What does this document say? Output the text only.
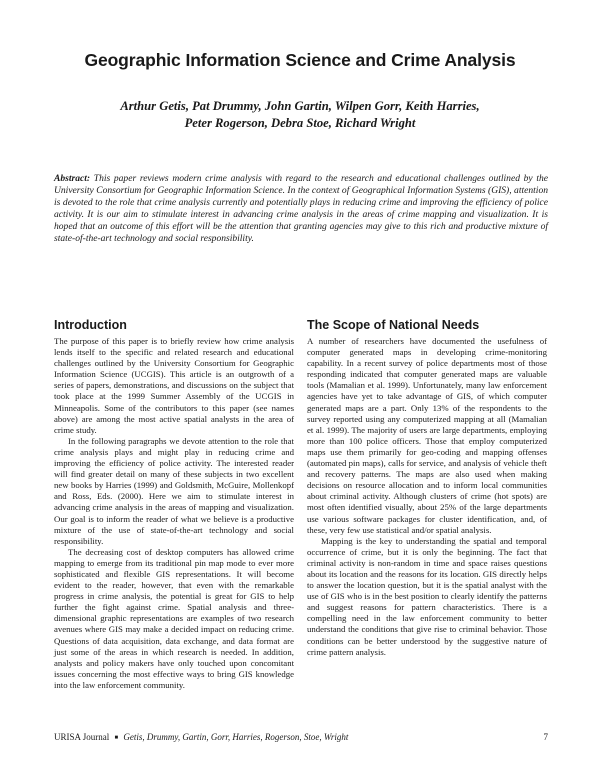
Geographic Information Science and Crime Analysis
Arthur Getis, Pat Drummy, John Gartin, Wilpen Gorr, Keith Harries,
Peter Rogerson, Debra Stoe, Richard Wright

Abstract: This paper reviews modern crime analysis with regard to the research and educational challenges outlined by the University Consortium for Geographic Information Science. In the context of Geographical Information Systems (GIS), attention is devoted to the role that crime analysis currently and potentially plays in reducing crime and improving the efficiency of police activity. It is our aim to stimulate interest in advancing crime analysis in the areas of crime mapping and visualization. It is hoped that an outcome of this effort will be the attention that granting agencies may give to this rich and productive mixture of state-of-the-art technology and social responsibility.

Introduction

The purpose of this paper is to briefly review how crime analysis lends itself to the specific and related research and educational challenges outlined by the University Consortium for Geographic Information Science (UCGIS). This article is an outgrowth of a series of papers, demonstrations, and discussions on the subject that took place at the 1999 Summer Assembly of the UCGIS in Minneapolis. Some of the contributors to this paper (see names above) are among the most active spatial analysts in the area of crime study.

In the following paragraphs we devote attention to the role that crime analysis plays and might play in reducing crime and improving the efficiency of police activity. The interested reader will find greater detail on many of these subjects in two excellent new books by Harries (1999) and Goldsmith, McGuire, Mollenkopf and Ross, Eds. (2000). Here we aim to stimulate interest in advancing crime analysis in the areas of mapping and visualization. Our goal is to inform the reader of what we believe is a productive mixture of the use of state-of-the-art technology and social responsibility.

The decreasing cost of desktop computers has allowed crime mapping to emerge from its traditional pin map mode to ever more sophisticated and flexible GIS representations. It will become evident to the reader, however, that even with the remarkable progress in crime analysis, the potential is great for GIS to help further the fight against crime. Spatial analysis and three-dimensional graphic representations are examples of two research avenues where GIS may make a decided impact on reducing crime. Questions of data acquisition, data exchange, and data format are just some of the areas in which research is needed. In addition, analysts and policy makers have only touched upon concomitant issues concerning the most effective ways to bring GIS knowledge into the law enforcement community.

The Scope of National Needs

A number of researchers have documented the usefulness of computer generated maps in developing crime-monitoring capability. In a recent survey of police departments most of those responding indicated that computer generated maps are valuable tools (Mamalian et al. 1999). Unfortunately, many law enforcement agencies have yet to take advantage of GIS, of which computer generated maps are a part. Only 13% of the respondents to the survey reported using any computerized mapping at all (Mamalian et al. 1999). The majority of users are large departments, employing more than 100 police officers. Those that employ computerized maps use them primarily for geo-coding and mapping offenses (automated pin maps), calls for service, and analysis of vehicle theft and recovery patterns. The maps are also used when making decisions on resource allocation and to inform local communities about criminal activity. Although clusters of crime (hot spots) are most often identified visually, about 25% of the large departments use various software packages for cluster identification, and, of these, very few use statistical and/or spatial analysis.

Mapping is the key to understanding the spatial and temporal occurrence of crime, but it is only the beginning. The fact that criminal activity is non-random in time and space raises questions about its location and the reasons for its location. GIS directly helps to answer the location question, but it is the spatial analyst with the use of GIS who is in the best position to clearly identify the patterns and suggest reasons for pattern characteristics. There is a compelling need in the law enforcement community to better understand the conditions that give rise to criminal behavior. Those conditions can be better understood by the suggestive nature of crime pattern analysis.

URISA Journal ■ Getis, Drummy, Gartin, Gorr, Harries, Rogerson, Stoe, Wright	7
